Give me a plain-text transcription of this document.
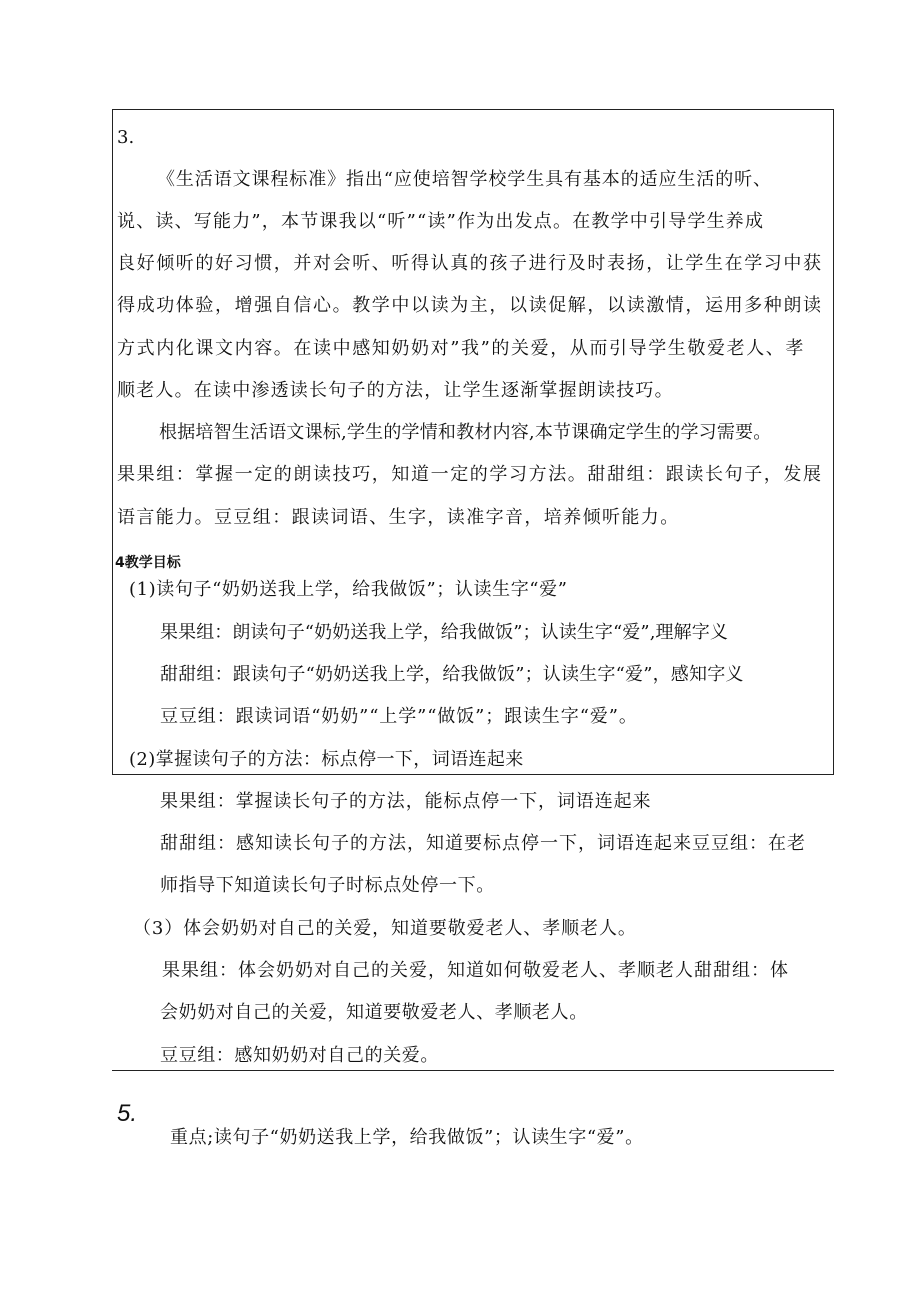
3.
《生活语文课程标准》指出“应使培智学校学生具有基本的适应生活的听、
说、读、写能力”，本节课我以“听”“读”作为出发点。在教学中引导学生养成
良好倾听的好习惯，并对会听、听得认真的孩子进行及时表扬，让学生在学习中获
得成功体验，增强自信心。教学中以读为主，以读促解，以读激情，运用多种朗读
方式内化课文内容。在读中感知奶奶对”我”的关爱，从而引导学生敬爱老人、孝
顺老人。在读中渗透读长句子的方法，让学生逐渐掌握朗读技巧。
根据培智生活语文课标,学生的学情和教材内容,本节课确定学生的学习需要。
果果组：掌握一定的朗读技巧，知道一定的学习方法。甜甜组：跟读长句子，发展
语言能力。豆豆组：跟读词语、生字，读准字音，培养倾听能力。
4教学目标
(1)读句子“奶奶送我上学，给我做饭”；认读生字“爱”
果果组：朗读句子“奶奶送我上学，给我做饭”；认读生字“爱”,理解字义
甜甜组：跟读句子“奶奶送我上学，给我做饭”；认读生字“爱”，感知字义
豆豆组：跟读词语“奶奶”“上学”“做饭”；跟读生字“爱”。
(2)掌握读句子的方法：标点停一下，词语连起来
果果组：掌握读长句子的方法，能标点停一下，词语连起来
甜甜组：感知读长句子的方法，知道要标点停一下，词语连起来豆豆组：在老
师指导下知道读长句子时标点处停一下。
（3）体会奶奶对自己的关爱，知道要敬爱老人、孝顺老人。
果果组：体会奶奶对自己的关爱，知道如何敬爱老人、孝顺老人甜甜组：体
会奶奶对自己的关爱，知道要敬爱老人、孝顺老人。
豆豆组：感知奶奶对自己的关爱。
5.
重点;读句子“奶奶送我上学，给我做饭”；认读生字“爱”。
